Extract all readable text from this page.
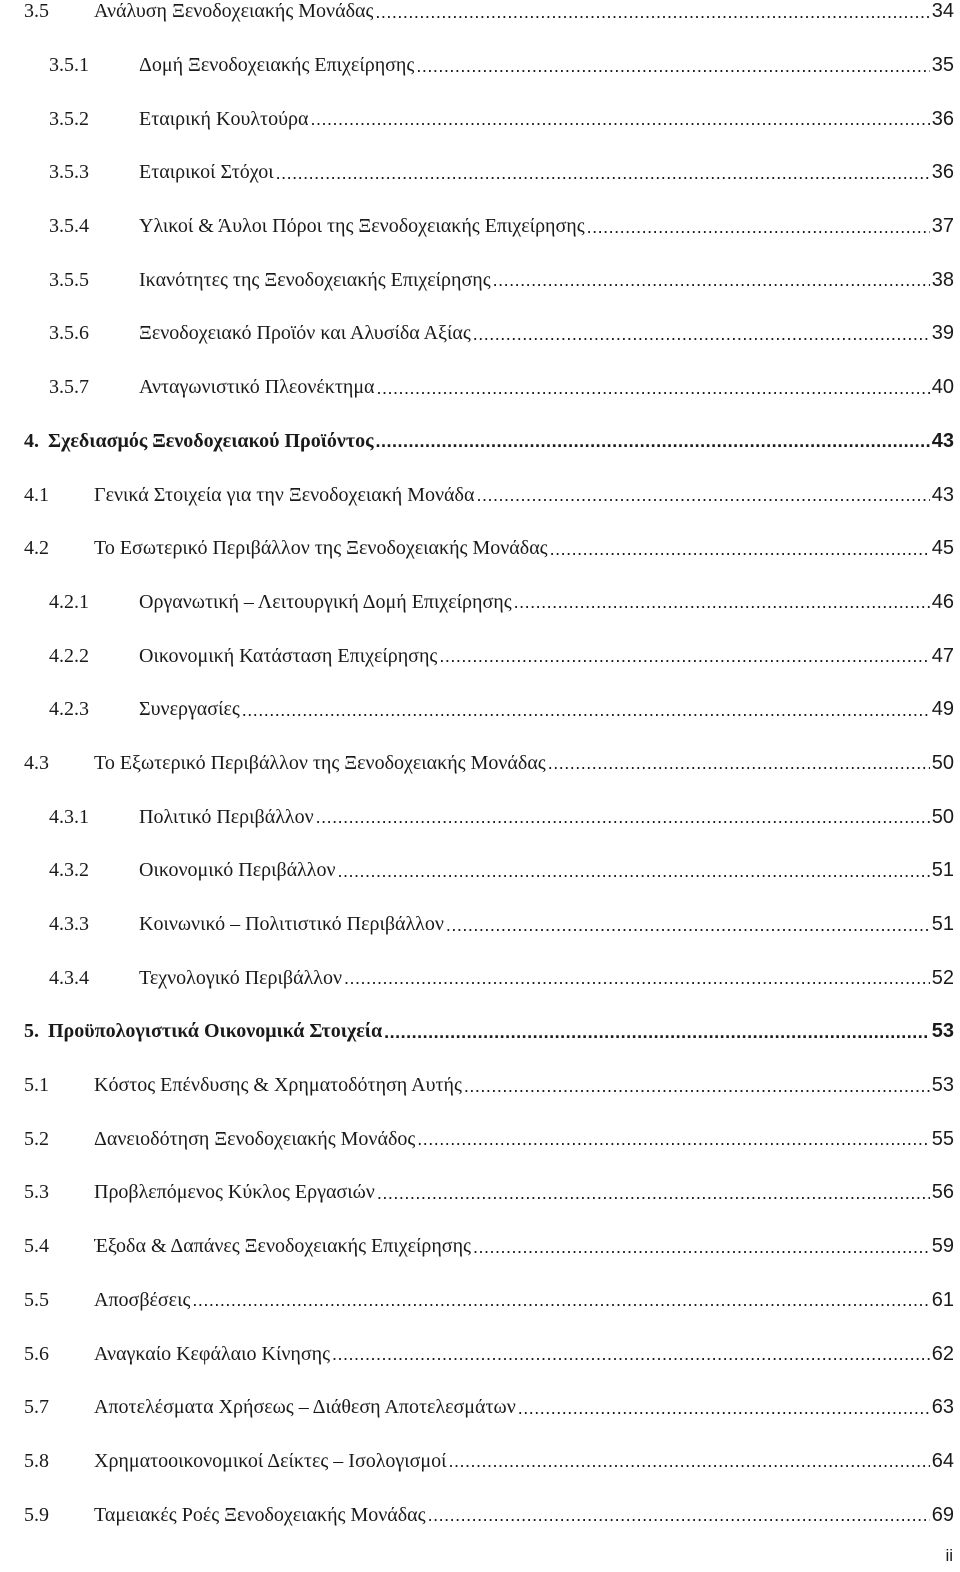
3.5	Ανάλυση Ξενοδοχειακής Μονάδας .....	34
3.5.1	Δομή Ξενοδοχειακής Επιχείρησης .....	35
3.5.2	Εταιρική Κουλτούρα .....	36
3.5.3	Εταιρικοί Στόχοι .....	36
3.5.4	Υλικοί & Άυλοι Πόροι της Ξενοδοχειακής Επιχείρησης .....	37
3.5.5	Ικανότητες της Ξενοδοχειακής Επιχείρησης .....	38
3.5.6	Ξενοδοχειακό Προϊόν και Αλυσίδα Αξίας .....	39
3.5.7	Ανταγωνιστικό Πλεονέκτημα .....	40
4. Σχεδιασμός Ξενοδοχειακού Προϊόντος .....	43
4.1	Γενικά Στοιχεία για την Ξενοδοχειακή Μονάδα .....	43
4.2	Το Εσωτερικό Περιβάλλον της Ξενοδοχειακής Μονάδας .....	45
4.2.1	Οργανωτική – Λειτουργική Δομή Επιχείρησης .....	46
4.2.2	Οικονομική Κατάσταση Επιχείρησης .....	47
4.2.3	Συνεργασίες .....	49
4.3	Το Εξωτερικό Περιβάλλον της Ξενοδοχειακής Μονάδας .....	50
4.3.1	Πολιτικό Περιβάλλον .....	50
4.3.2	Οικονομικό Περιβάλλον .....	51
4.3.3	Κοινωνικό – Πολιτιστικό Περιβάλλον .....	51
4.3.4	Τεχνολογικό Περιβάλλον .....	52
5. Προϋπολογιστικά Οικονομικά Στοιχεία .....	53
5.1	Κόστος Επένδυσης & Χρηματοδότηση Αυτής .....	53
5.2	Δανειοδότηση Ξενοδοχειακής Μονάδος .....	55
5.3	Προβλεπόμενος Κύκλος Εργασιών .....	56
5.4	Έξοδα & Δαπάνες Ξενοδοχειακής Επιχείρησης .....	59
5.5	Αποσβέσεις .....	61
5.6	Αναγκαίο Κεφάλαιο Κίνησης .....	62
5.7	Αποτελέσματα Χρήσεως – Διάθεση Αποτελεσμάτων .....	63
5.8	Χρηματοοικονομικοί Δείκτες – Ισολογισμοί .....	64
5.9	Ταμειακές Ροές Ξενοδοχειακής Μονάδας .....	69
ii
